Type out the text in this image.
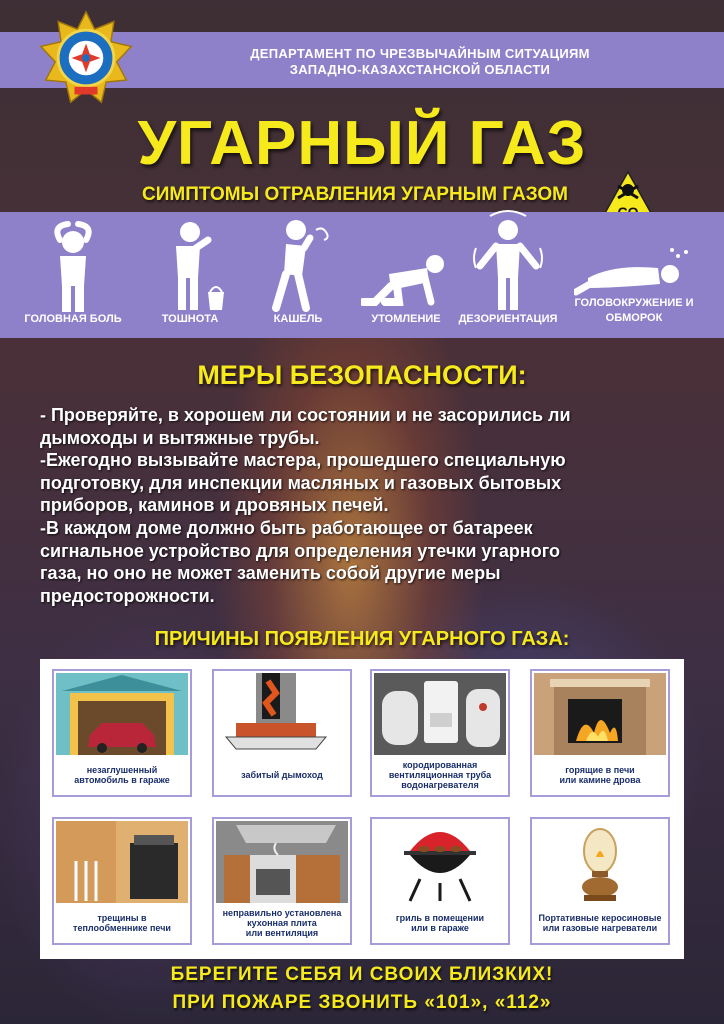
ДЕПАРТАМЕНТ ПО ЧРЕЗВЫЧАЙНЫМ СИТУАЦИЯМ
ЗАПАДНО-КАЗАХСТАНСКОЙ ОБЛАСТИ
УГАРНЫЙ ГАЗ
СИМПТОМЫ ОТРАВЛЕНИЯ УГАРНЫМ ГАЗОМ
ГОЛОВНАЯ БОЛЬ	ТОШНОТА	КАШЕЛЬ	УТОМЛЕНИЕ	ДЕЗОРИЕНТАЦИЯ
ГОЛОВОКРУЖЕНИЕ И
ОБМОРОК
МЕРЫ БЕЗОПАСНОСТИ:
- Проверяйте, в хорошем ли состоянии и не засорились ли
дымоходы и вытяжные трубы.
-Ежегодно вызывайте мастера, прошедшего специальную
подготовку, для инспекции масляных и газовых бытовых
приборов, каминов и дровяных печей.
-В каждом доме должно быть работающее от батареек
сигнальное устройство для определения утечки угарного
газа, но оно не может заменить собой другие меры
предосторожности.
ПРИЧИНЫ ПОЯВЛЕНИЯ УГАРНОГО ГАЗА:
незаглушенный
автомобиль в гараже	забитый дымоход
кородированная
вентиляционная труба
водонагревателя
горящие в печи
или камине дрова
трещины в
теплообменнике печи
неправильно установлена
кухонная плита
или вентиляция
гриль в помещении
или в гараже
Портативные керосиновые
или газовые нагреватели
БЕРЕГИТЕ СЕБЯ И СВОИХ БЛИЗКИХ!
ПРИ ПОЖАРЕ ЗВОНИТЬ «101», «112»
